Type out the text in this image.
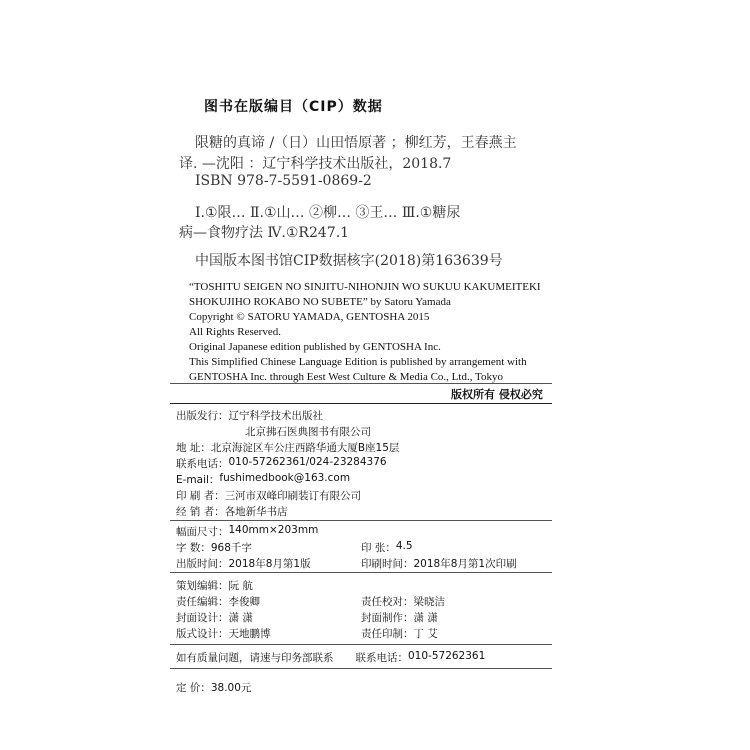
图书在版编目（CIP）数据
限糖的真谛 /（日）山田悟原著 ；柳红芳，王春燕主
译. —沈阳 ：辽宁科学技术出版社，2018.7
ISBN 978-7-5591-0869-2
Ⅰ.①限… Ⅱ.①山… ②柳… ③王… Ⅲ.①糖尿
病—食物疗法 Ⅳ.①R247.1
中国版本图书馆CIP数据核字(2018)第163639号
“TOSHITU SEIGEN NO SINJITU-NIHONJIN WO SUKUU KAKUMEITEKI
SHOKUJIHO ROKABO NO SUBETE” by Satoru Yamada
Copyright © SATORU YAMADA, GENTOSHA 2015
All Rights Reserved.
Original Japanese edition published by GENTOSHA Inc.
This Simplified Chinese Language Edition is published by arrangement with
GENTOSHA Inc. through Eest West Culture & Media Co., Ltd., Tokyo
版权所有 侵权必究
出版发行： 辽宁科学技术出版社
北京拂石医典图书有限公司
地 址： 北京海淀区车公庄西路华通大厦B座15层
联系电话： 010-57262361/024-23284376
E-mail： fushimedbook@163.com
印 刷 者： 三河市双峰印刷装订有限公司
经 销 者： 各地新华书店
幅面尺寸： 140mm×203mm
字 数： 968千字	印 张： 4.5
出版时间： 2018年8月第1版	印刷时间： 2018年8月第1次印刷
策划编辑： 阮 航
责任编辑： 李俊卿	责任校对： 梁晓洁
封面设计： 潇 潇	封面制作： 潇 潇
版式设计： 天地鹏博	责任印制： 丁 艾
如有质量问题，请速与印务部联系 联系电话： 010-57262361
定 价： 38.00元
